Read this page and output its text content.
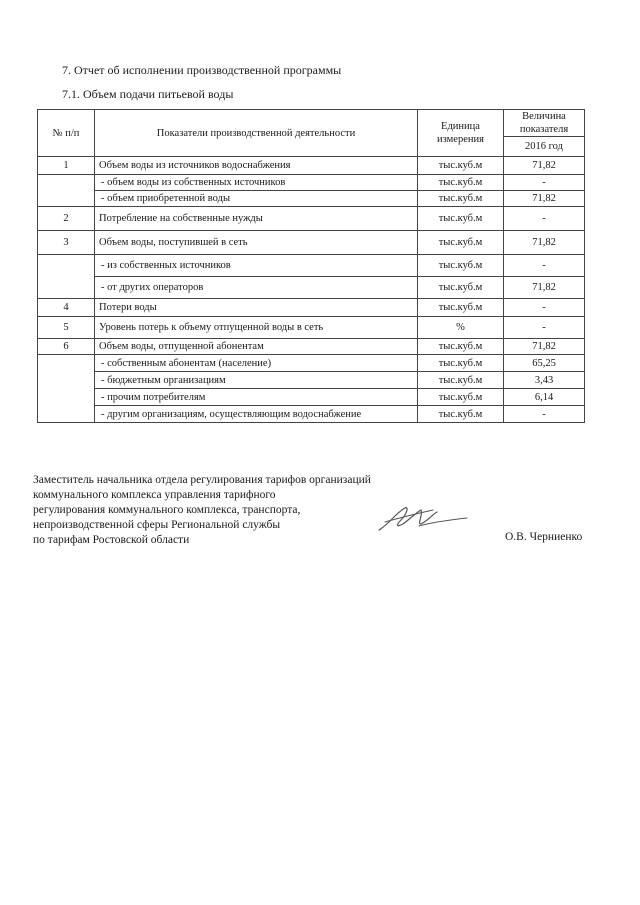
7. Отчет об исполнении производственной программы
7.1. Объем подачи питьевой воды
№ п/п	Показатели производственной деятельности	Единица измерения	Величина показателя
			2016 год
1	Объем воды из источников водоснабжения	тыс.куб.м	71,82
	- объем воды из собственных источников	тыс.куб.м	-
	- объем приобретенной воды	тыс.куб.м	71,82
2	Потребление на собственные нужды	тыс.куб.м	-
3	Объем воды, поступившей в сеть	тыс.куб.м	71,82
	- из собственных источников	тыс.куб.м	-
	- от других операторов	тыс.куб.м	71,82
4	Потери воды	тыс.куб.м	-
5	Уровень потерь к объему отпущенной воды в сеть	%	-
6	Объем воды, отпущенной абонентам	тыс.куб.м	71,82
	- собственным абонентам (население)	тыс.куб.м	65,25
	- бюджетным организациям	тыс.куб.м	3,43
	- прочим потребителям	тыс.куб.м	6,14
	- другим организациям, осуществляющим водоснабжение	тыс.куб.м	-
Заместитель начальника отдела регулирования тарифов организаций
коммунального комплекса управления тарифного
регулирования коммунального комплекса, транспорта,
непроизводственной сферы Региональной службы
по тарифам Ростовской области	О.В. Черниенко
